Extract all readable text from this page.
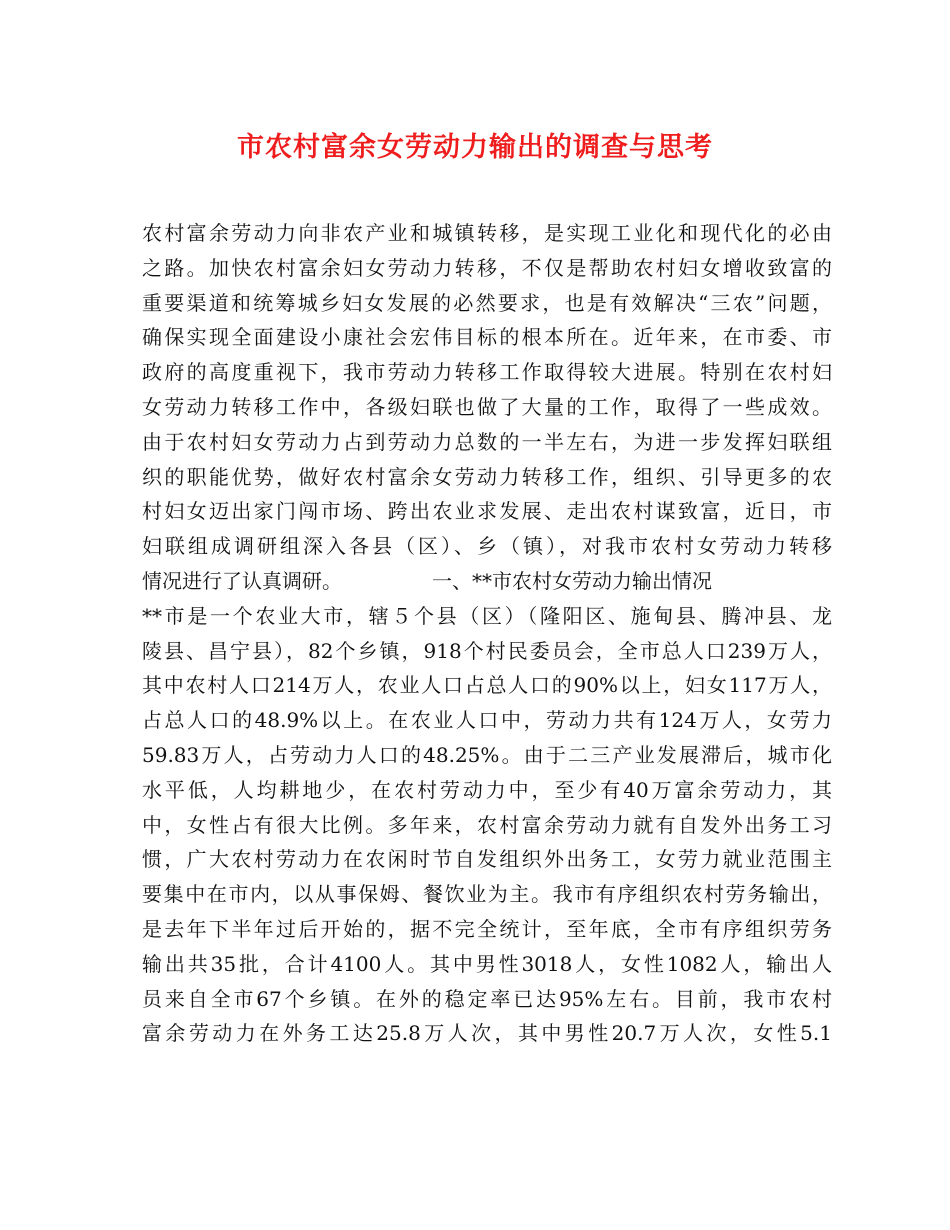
市农村富余女劳动力输出的调查与思考
农村富余劳动力向非农产业和城镇转移，是实现工业化和现代化的必由
之路。加快农村富余妇女劳动力转移，不仅是帮助农村妇女增收致富的
重要渠道和统筹城乡妇女发展的必然要求，也是有效解决“三农”问题，
确保实现全面建设小康社会宏伟目标的根本所在。近年来，在市委、市
政府的高度重视下，我市劳动力转移工作取得较大进展。特别在农村妇
女劳动力转移工作中，各级妇联也做了大量的工作，取得了一些成效。
由于农村妇女劳动力占到劳动力总数的一半左右，为进一步发挥妇联组
织的职能优势，做好农村富余女劳动力转移工作，组织、引导更多的农
村妇女迈出家门闯市场、跨出农业求发展、走出农村谋致富，近日，市
妇联组成调研组深入各县（区）、乡（镇），对我市农村女劳动力转移
情况进行了认真调研。　　　　　一、**市农村女劳动力输出情况
**市是一个农业大市，辖５个县（区）（隆阳区、施甸县、腾冲县、龙
陵县、昌宁县），82个乡镇，918个村民委员会，全市总人口239万人，
其中农村人口214万人，农业人口占总人口的90%以上，妇女117万人，
占总人口的48.9%以上。在农业人口中，劳动力共有124万人，女劳力
59.83万人，占劳动力人口的48.25%。由于二三产业发展滞后，城市化
水平低，人均耕地少，在农村劳动力中，至少有40万富余劳动力，其
中，女性占有很大比例。多年来，农村富余劳动力就有自发外出务工习
惯，广大农村劳动力在农闲时节自发组织外出务工，女劳力就业范围主
要集中在市内，以从事保姆、餐饮业为主。我市有序组织农村劳务输出，
是去年下半年过后开始的，据不完全统计，至年底，全市有序组织劳务
输出共35批，合计4100人。其中男性3018人，女性1082人，输出人
员来自全市67个乡镇。在外的稳定率已达95%左右。目前，我市农村
富余劳动力在外务工达25.8万人次，其中男性20.7万人次，女性5.1
